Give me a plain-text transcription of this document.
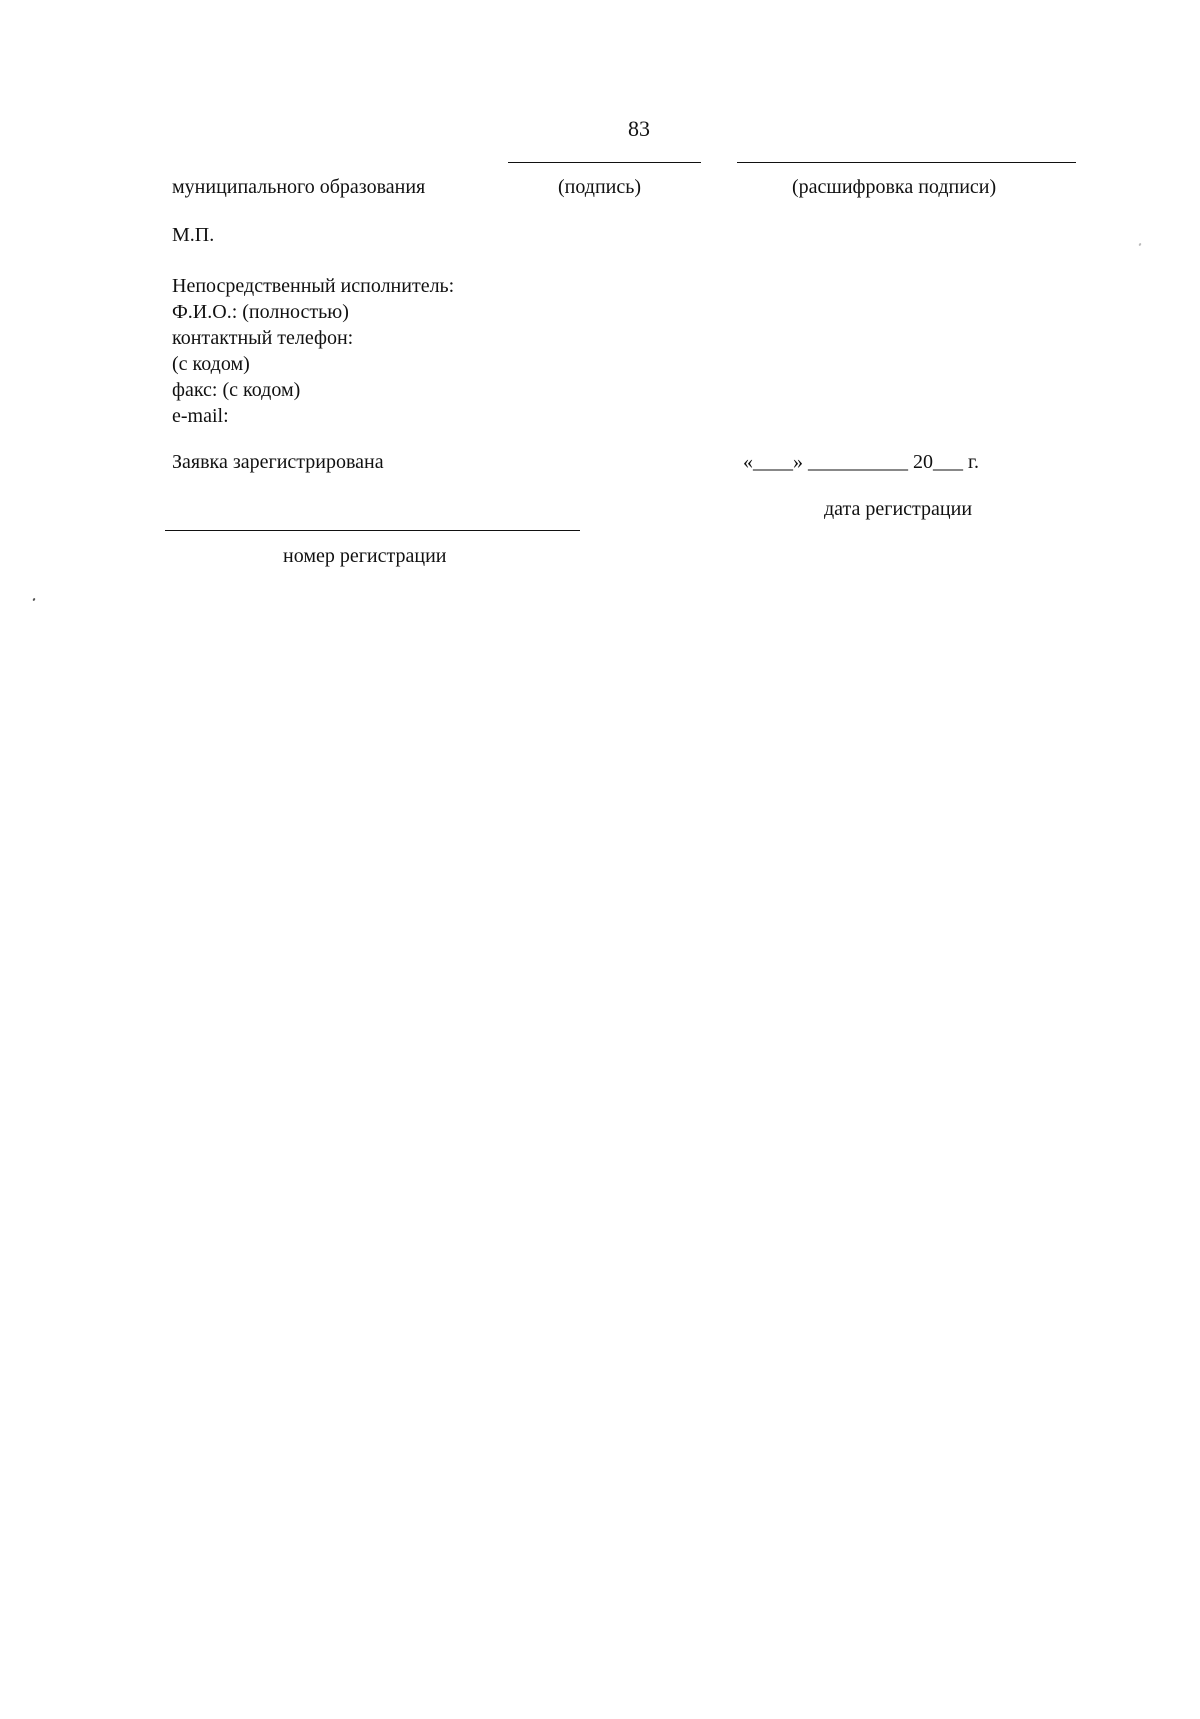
83
муниципального образования	(подпись)	(расшифровка подписи)
М.П.
Непосредственный исполнитель:
Ф.И.О.: (полностью)
контактный телефон:
(с кодом)
факс: (с кодом)
e-mail:
Заявка зарегистрирована	«____» __________ 20___ г.
дата регистрации
номер регистрации
